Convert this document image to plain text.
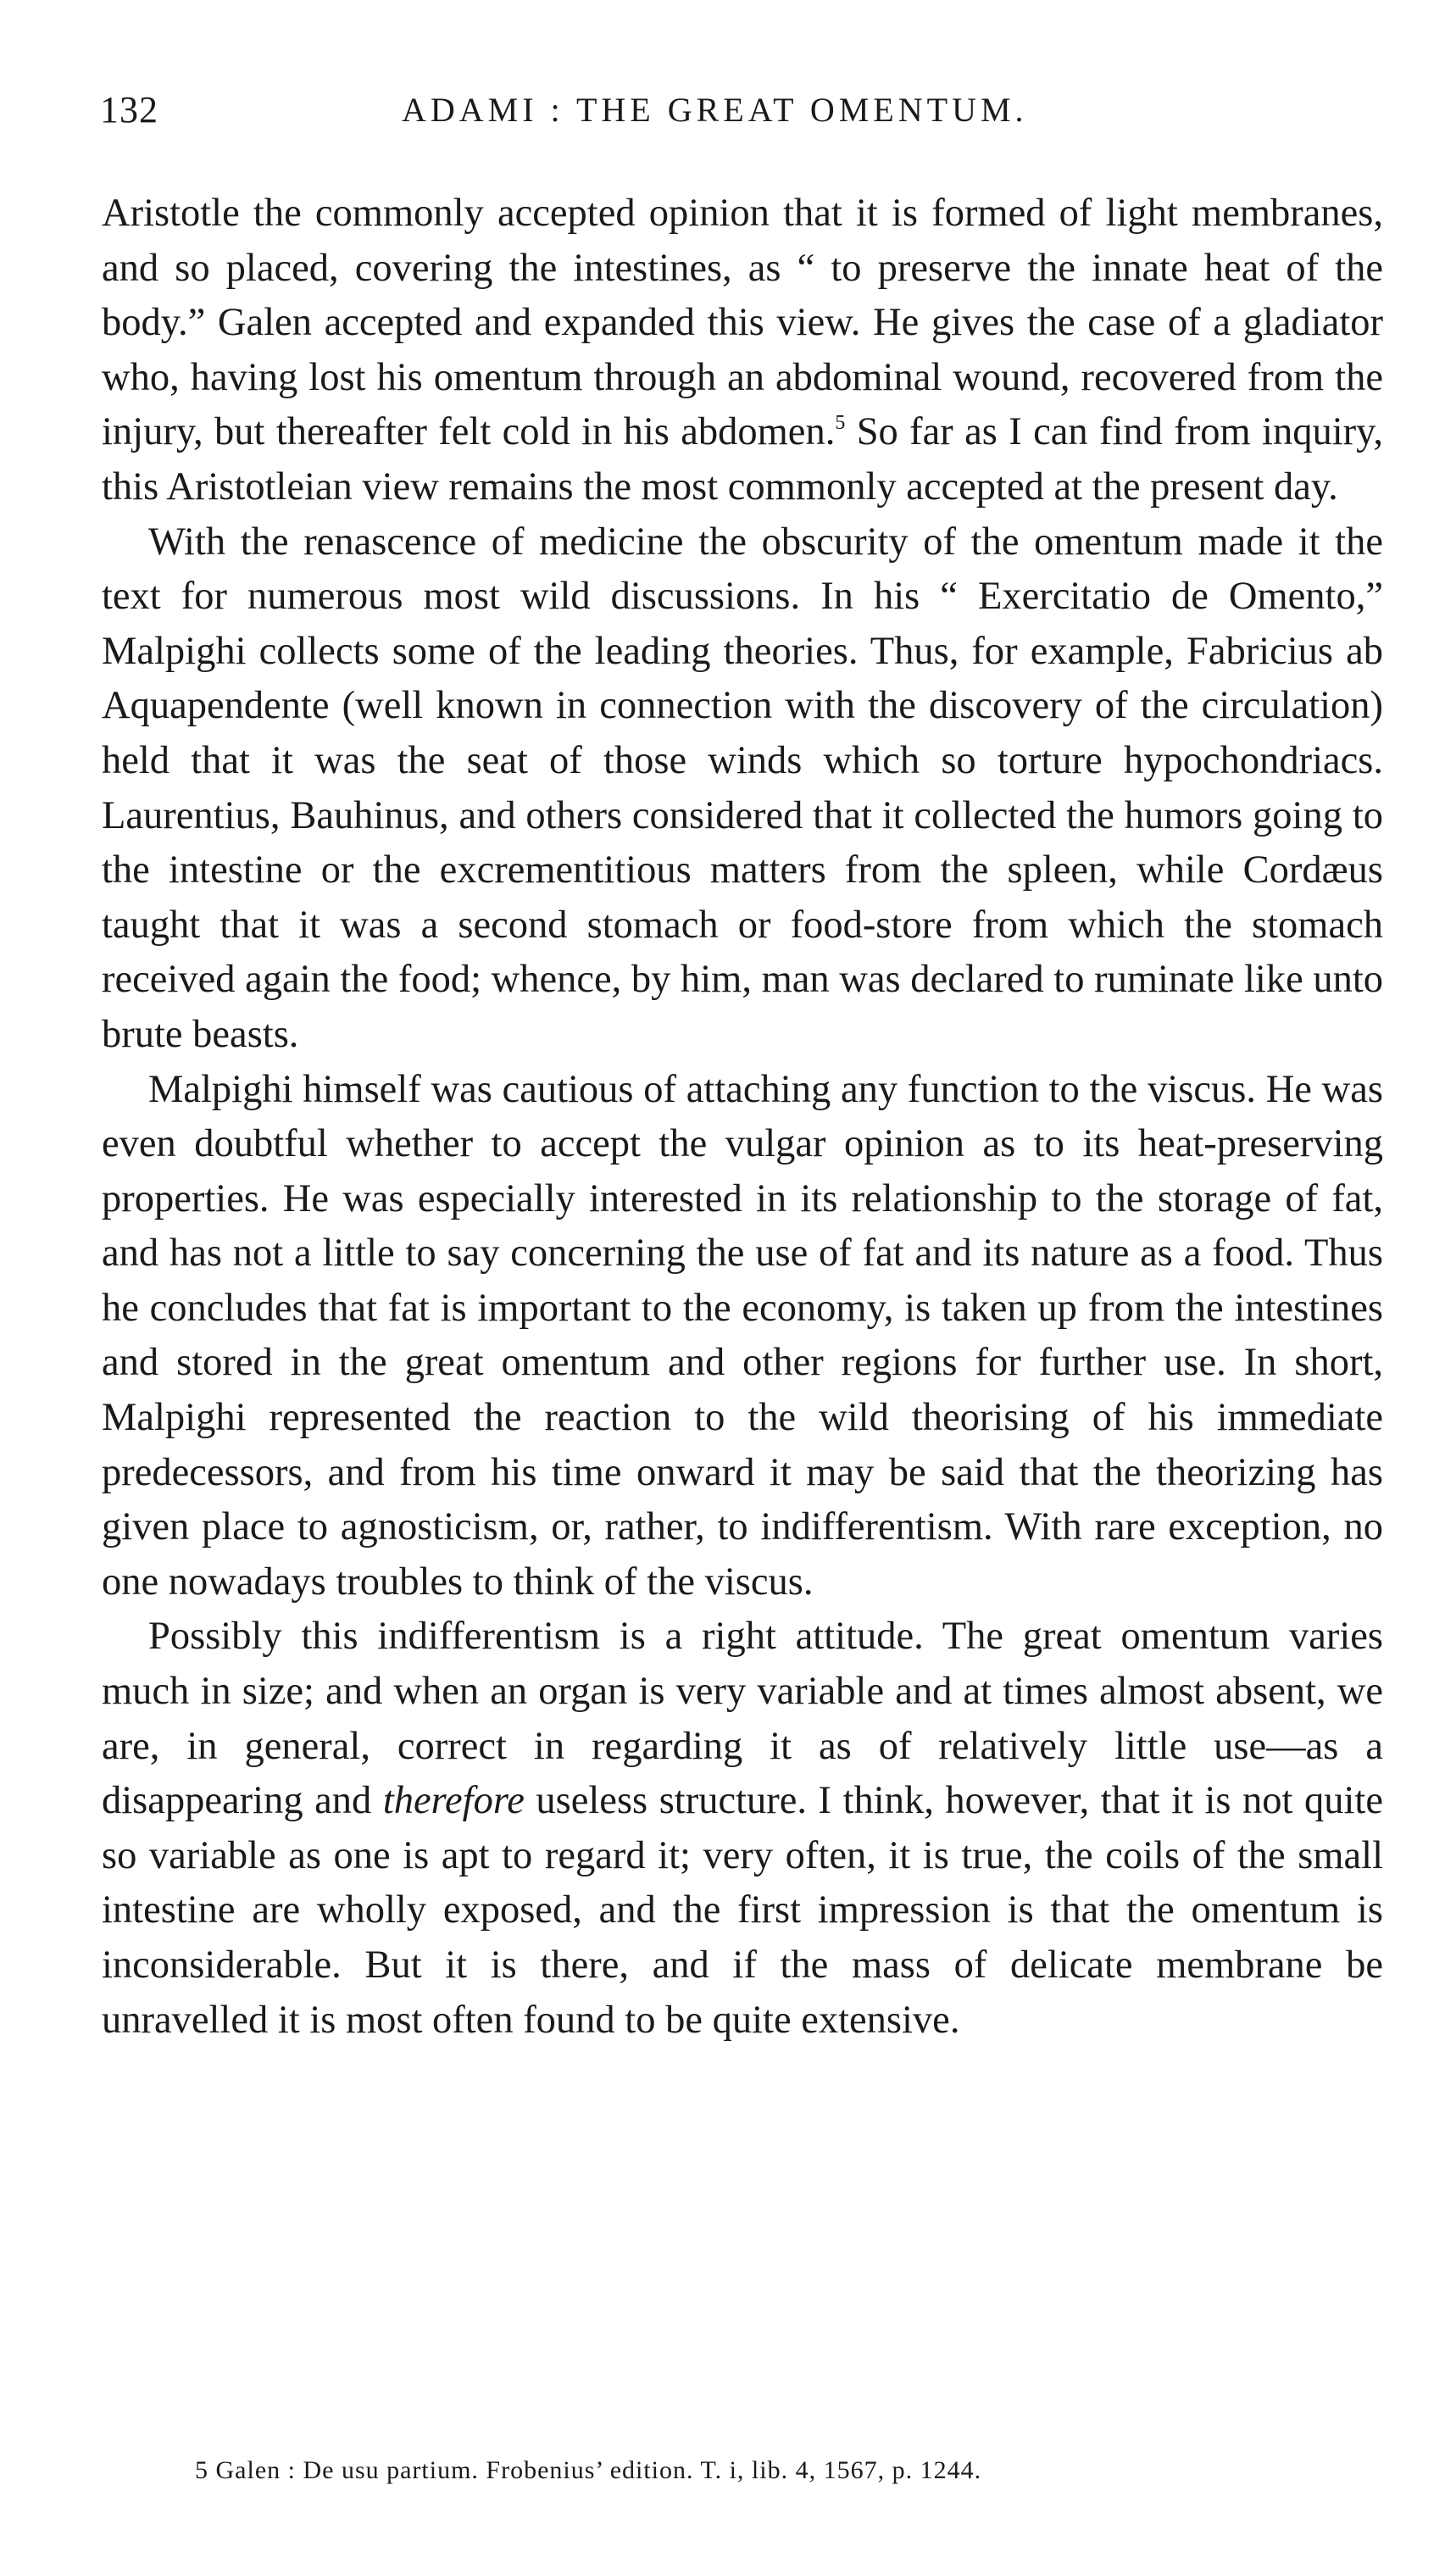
132	ADAMI : THE GREAT OMENTUM.

Aristotle the commonly accepted opinion that it is formed of light membranes, and so placed, covering the intestines, as “ to preserve the innate heat of the body.” Galen accepted and expanded this view. He gives the case of a gladiator who, having lost his omentum through an abdominal wound, recovered from the injury, but thereafter felt cold in his abdomen.$^5$ So far as I can find from inquiry, this Aristotleian view remains the most commonly accepted at the present day.

With the renascence of medicine the obscurity of the omentum made it the text for numerous most wild discussions. In his “ Exercitatio de Omento,” Malpighi collects some of the leading theories. Thus, for example, Fabricius ab Aquapendente (well known in connection with the discovery of the circulation) held that it was the seat of those winds which so torture hypochondriacs. Laurentius, Bauhinus, and others considered that it collected the humors going to the intestine or the excrementitious matters from the spleen, while Cordæus taught that it was a second stomach or food-store from which the stomach received again the food; whence, by him, man was declared to ruminate like unto brute beasts.

Malpighi himself was cautious of attaching any function to the viscus. He was even doubtful whether to accept the vulgar opinion as to its heat-preserving properties. He was especially interested in its relationship to the storage of fat, and has not a little to say concerning the use of fat and its nature as a food. Thus he concludes that fat is important to the economy, is taken up from the intestines and stored in the great omentum and other regions for further use. In short, Malpighi represented the reaction to the wild theorising of his immediate predecessors, and from his time onward it may be said that the theorizing has given place to agnosticism, or, rather, to indifferentism. With rare exception, no one nowadays troubles to think of the viscus.

Possibly this indifferentism is a right attitude. The great omentum varies much in size; and when an organ is very variable and at times almost absent, we are, in general, correct in regarding it as of relatively little use—as a disappearing and therefore useless structure. I think, however, that it is not quite so variable as one is apt to regard it; very often, it is true, the coils of the small intestine are wholly exposed, and the first impression is that the omentum is inconsiderable. But it is there, and if the mass of delicate membrane be unravelled it is most often found to be quite extensive.

5 Galen : De usu partium. Frobenius’ edition. T. i, lib. 4, 1567, p. 1244.
